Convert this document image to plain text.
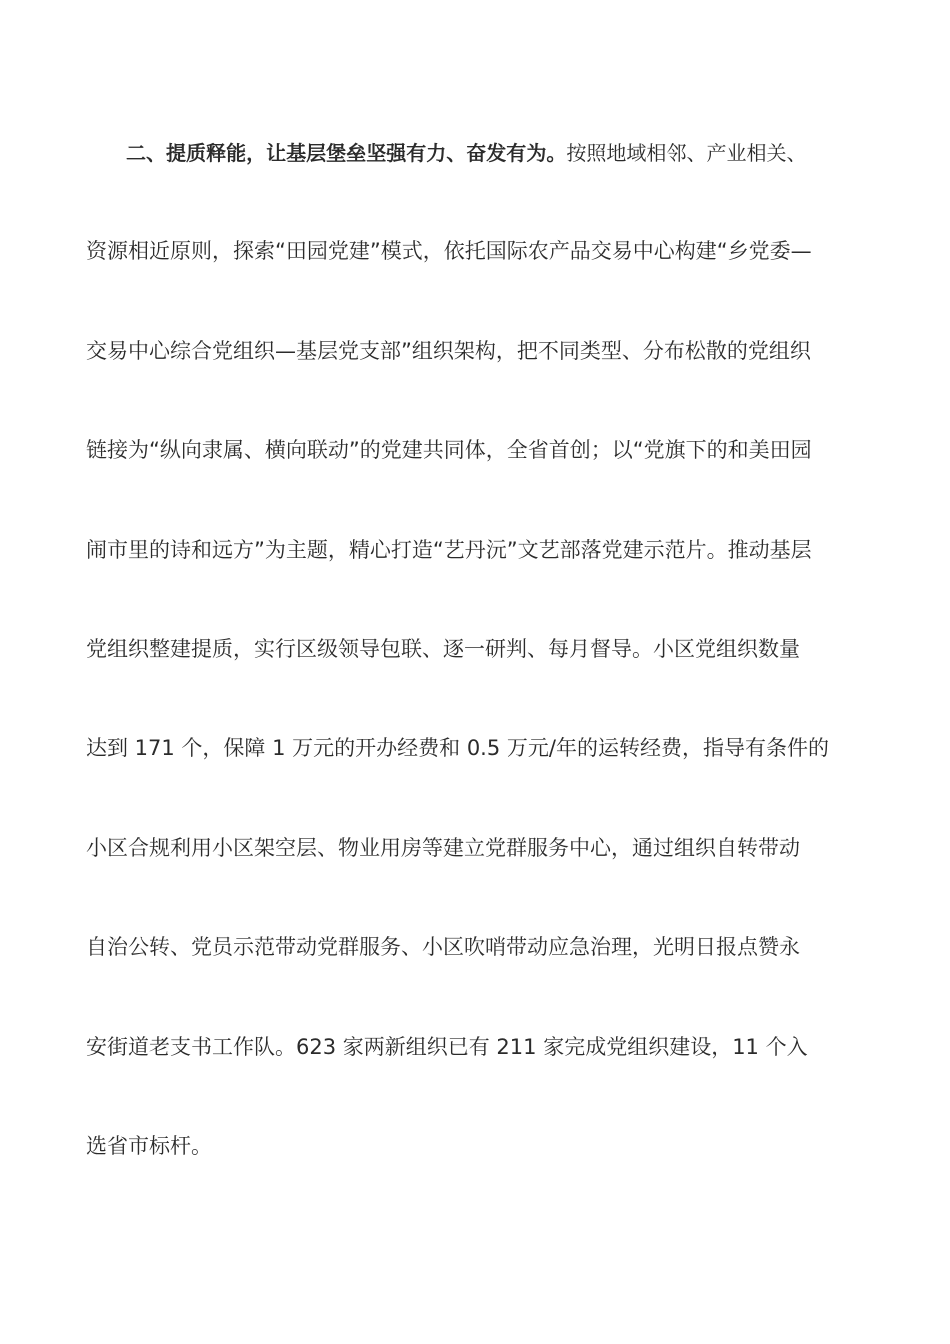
二、提质释能，让基层堡垒坚强有力、奋发有为。按照地域相邻、产业相关、
资源相近原则，探索“田园党建”模式，依托国际农产品交易中心构建“乡党委—
交易中心综合党组织—基层党支部”组织架构，把不同类型、分布松散的党组织
链接为“纵向隶属、横向联动”的党建共同体，全省首创；以“党旗下的和美田园
闹市里的诗和远方”为主题，精心打造“艺丹沅”文艺部落党建示范片。推动基层
党组织整建提质，实行区级领导包联、逐一研判、每月督导。小区党组织数量
达到 171 个，保障 1 万元的开办经费和 0.5 万元/年的运转经费，指导有条件的
小区合规利用小区架空层、物业用房等建立党群服务中心，通过组织自转带动
自治公转、党员示范带动党群服务、小区吹哨带动应急治理，光明日报点赞永
安街道老支书工作队。623 家两新组织已有 211 家完成党组织建设，11 个入
选省市标杆。
